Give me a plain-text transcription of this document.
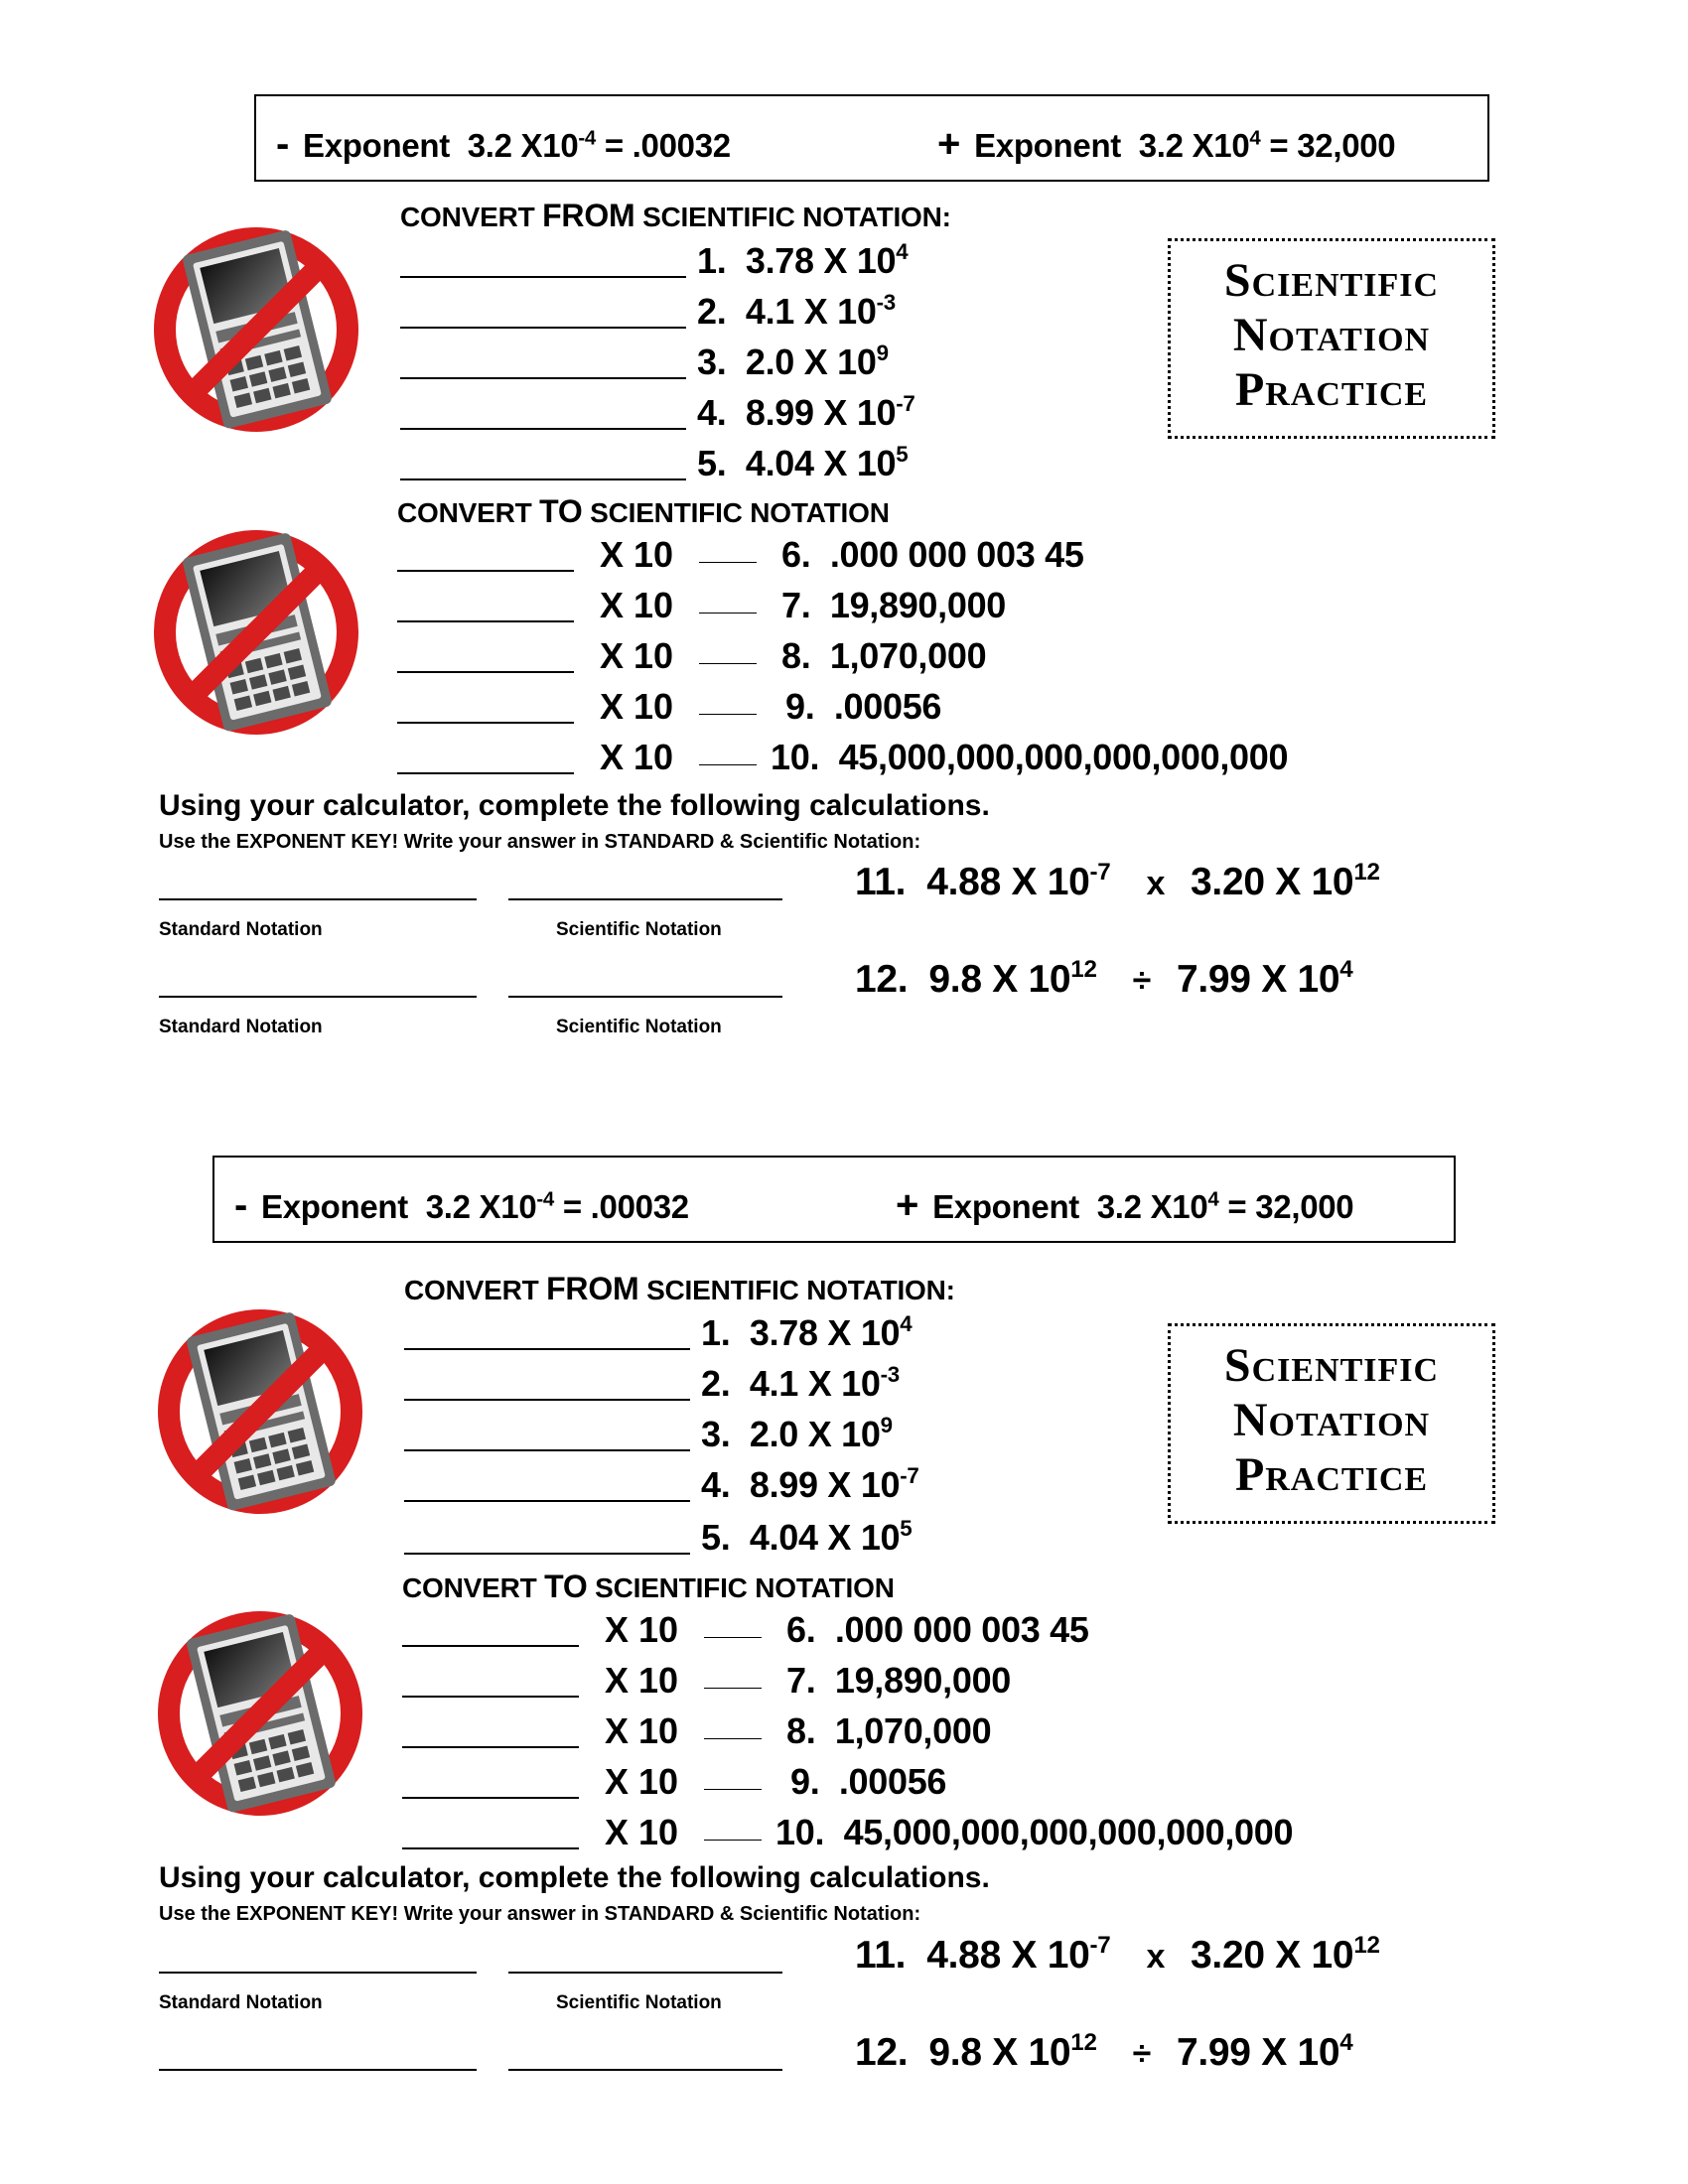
- Exponent 3.2 $X10^{-4} = .00032$	+ Exponent 3.2 $X10^4 = 32,000$
CONVERT FROM SCIENTIFIC NOTATION:
Scientific
Notation
Practice
1. 3.78 X $10^4$
2. 4.1 X $10^{-3}$
3. 2.0 X $10^9$
4. 8.99 X $10^{-7}$
5. 4.04 X $10^5$
CONVERT TO SCIENTIFIC NOTATION
X 10	6. .000 000 003 45
X 10	7. 19,890,000
X 10	8. 1,070,000
X 10	9. .00056
X 10	10. 45,000,000,000,000,000,000
Using your calculator, complete the following calculations.
Use the EXPONENT KEY! Write your answer in STANDARD & Scientific Notation:
11. 4.88 X $10^{-7}$ x 3.20 X $10^{12}$
Standard Notation	Scientific Notation
12. 9.8 X $10^{12} \div 7.99$ X $10^4$
Standard Notation	Scientific Notation
- Exponent 3.2 $X10^{-4} = .00032$	+ Exponent 3.2 $X10^4 = 32,000$
CONVERT FROM SCIENTIFIC NOTATION:
Scientific
Notation
Practice
1. 3.78 X $10^4$
2. 4.1 X $10^{-3}$
3. 2.0 X $10^9$
4. 8.99 X $10^{-7}$
5. 4.04 X $10^5$
CONVERT TO SCIENTIFIC NOTATION
X 10	6. .000 000 003 45
X 10	7. 19,890,000
X 10	8. 1,070,000
X 10	9. .00056
X 10	10. 45,000,000,000,000,000,000
Using your calculator, complete the following calculations.
Use the EXPONENT KEY! Write your answer in STANDARD & Scientific Notation:
11. 4.88 X $10^{-7}$ x 3.20 X $10^{12}$
Standard Notation	Scientific Notation
12. 9.8 X $10^{12} \div 7.99$ X $10^4$
